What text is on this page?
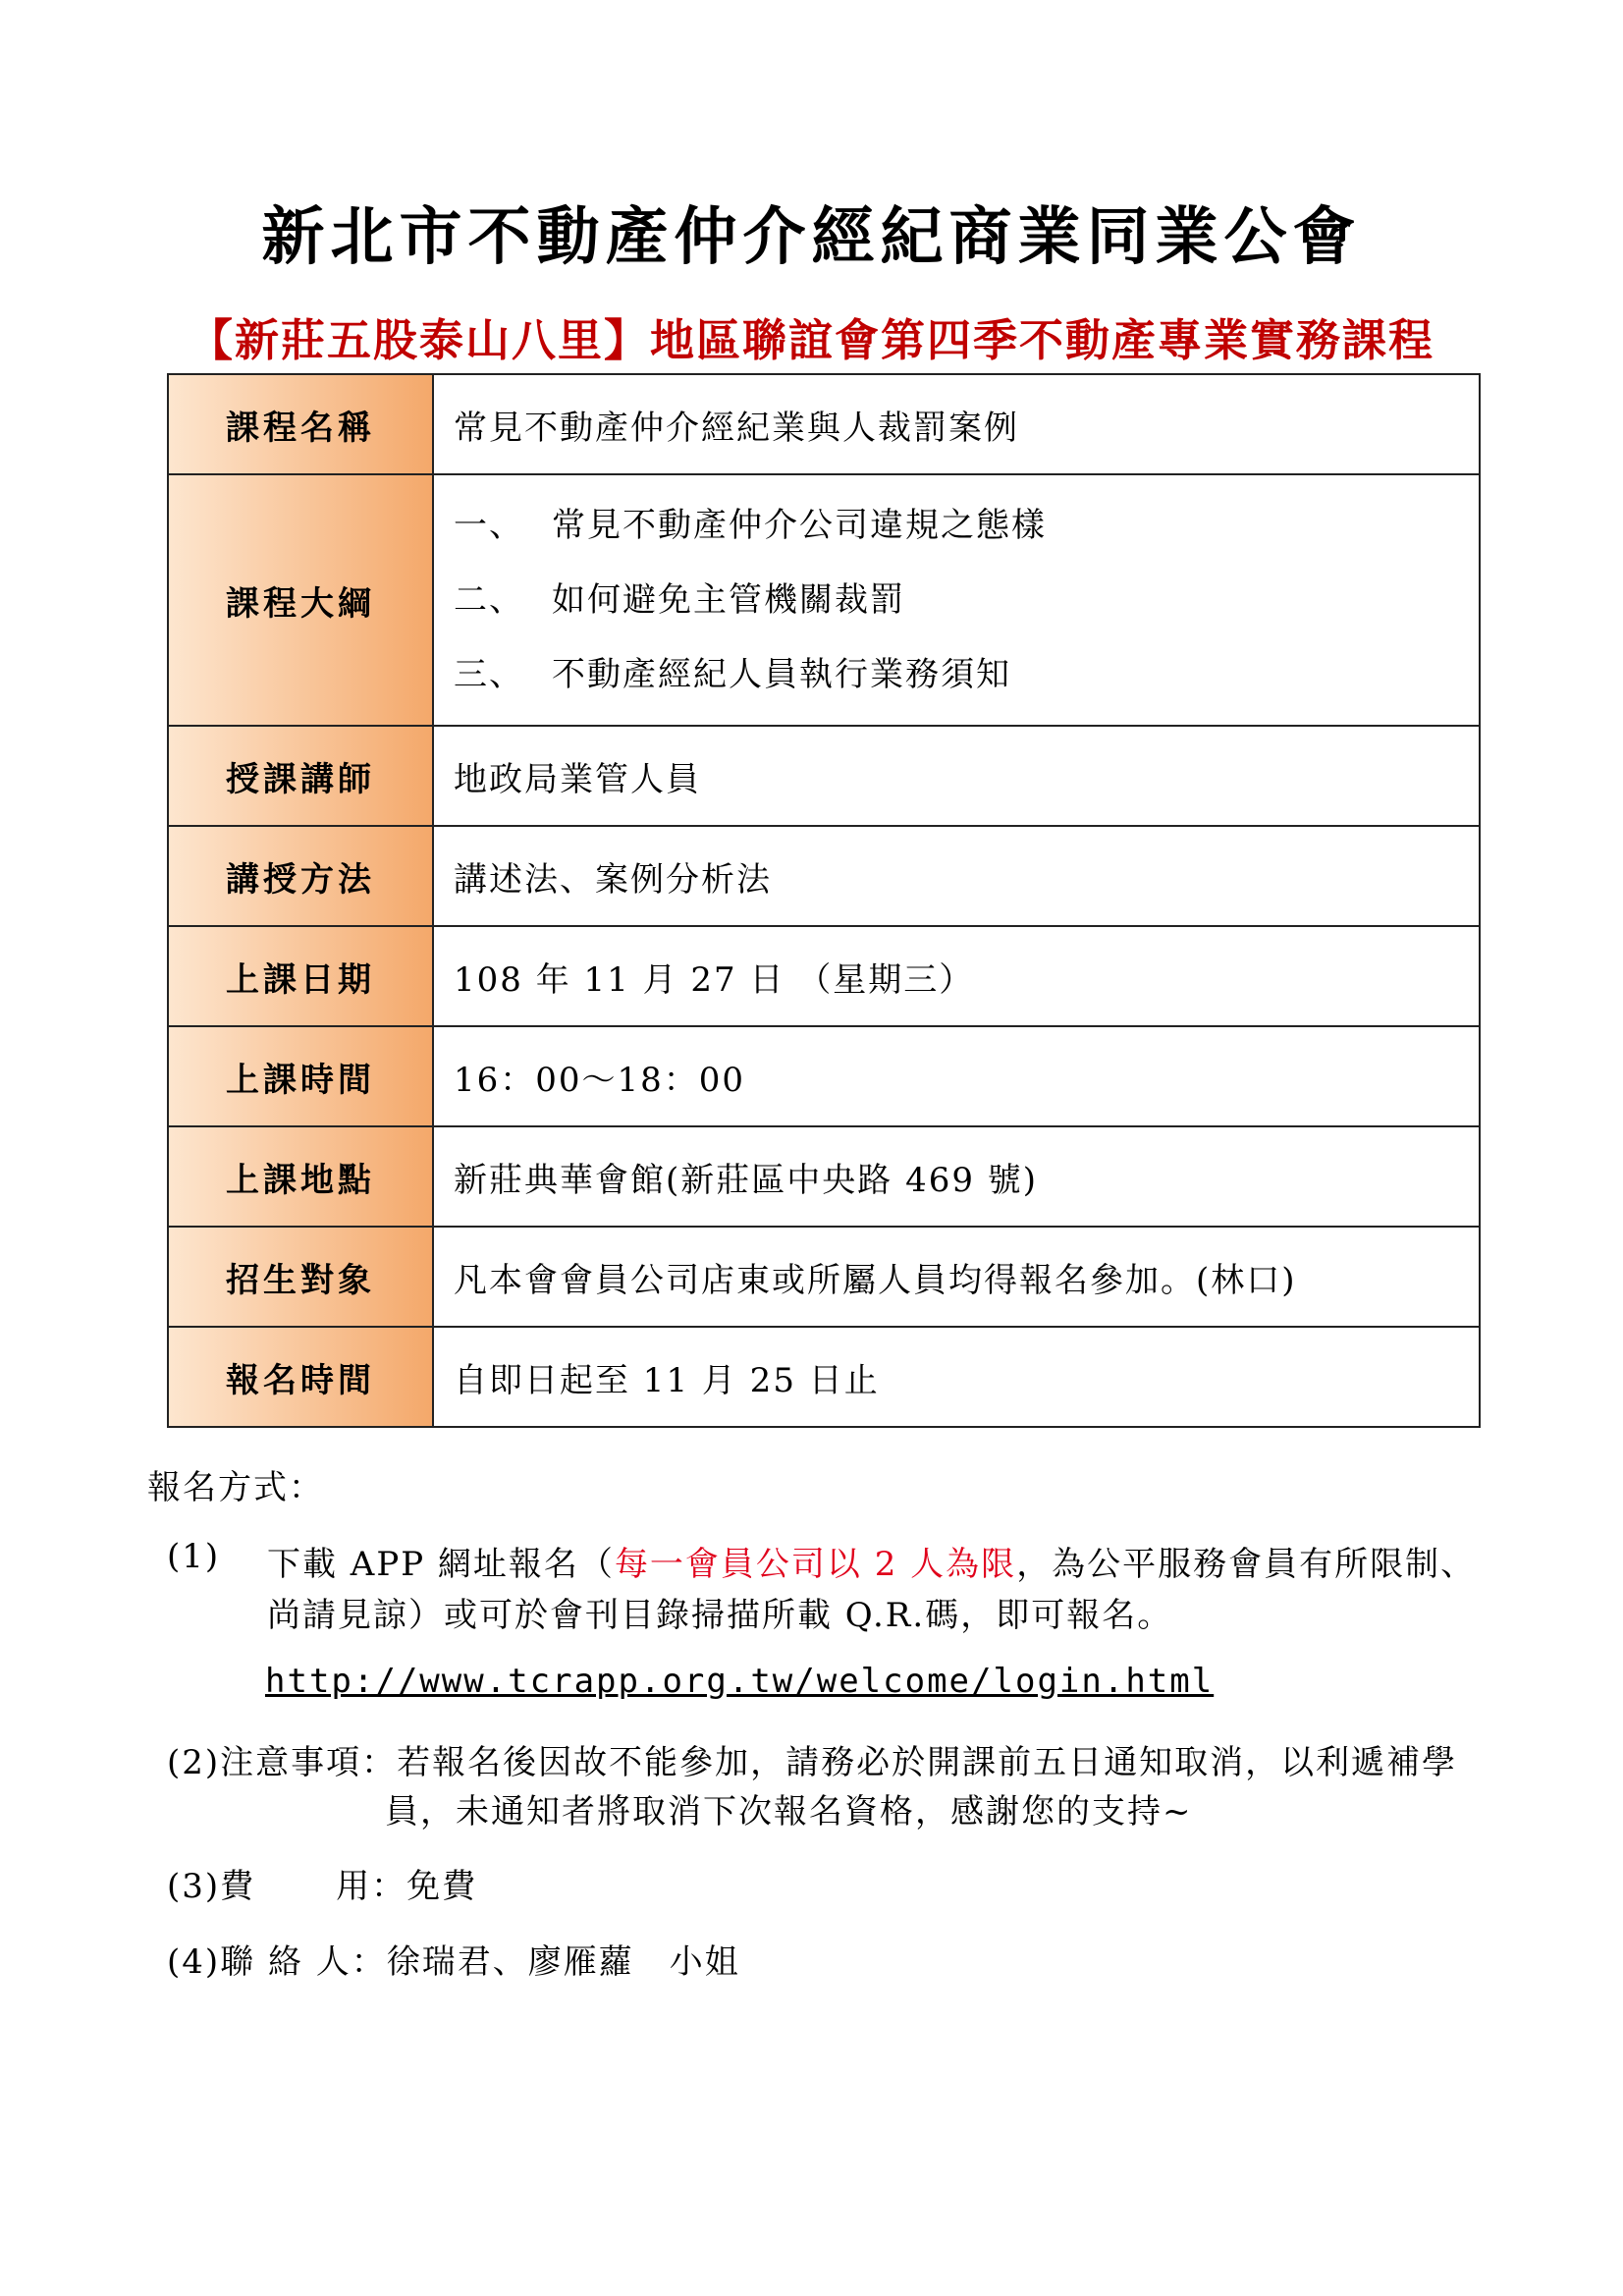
新北市不動產仲介經紀商業同業公會
【新莊五股泰山八里】地區聯誼會第四季不動產專業實務課程
課程名稱	常見不動產仲介經紀業與人裁罰案例
課程大綱	一、 常見不動產仲介公司違規之態樣
二、 如何避免主管機關裁罰
三、 不動產經紀人員執行業務須知

授課講師	地政局業管人員
講授方法	講述法、案例分析法
上課日期	108 年 11 月 27 日 （星期三）
上課時間	16：00～18：00
上課地點	新莊典華會館(新莊區中央路 469 號)
招生對象	凡本會會員公司店東或所屬人員均得報名參加。(林口)
報名時間	自即日起至 11 月 25 日止
報名方式：
(1) 下載 APP 網址報名（每一會員公司以 2 人為限，為公平服務會員有所限制、
尚請見諒）或可於會刊目錄掃描所載 Q.R.碼，即可報名。
http://www.tcrapp.org.tw/welcome/login.html
(2)注意事項：若報名後因故不能參加，請務必於開課前五日通知取消，以利遞補學
員，未通知者將取消下次報名資格，感謝您的支持~
(3)費 用：免費
(4)聯 絡 人：徐瑞君、廖雁蘿　小姐
